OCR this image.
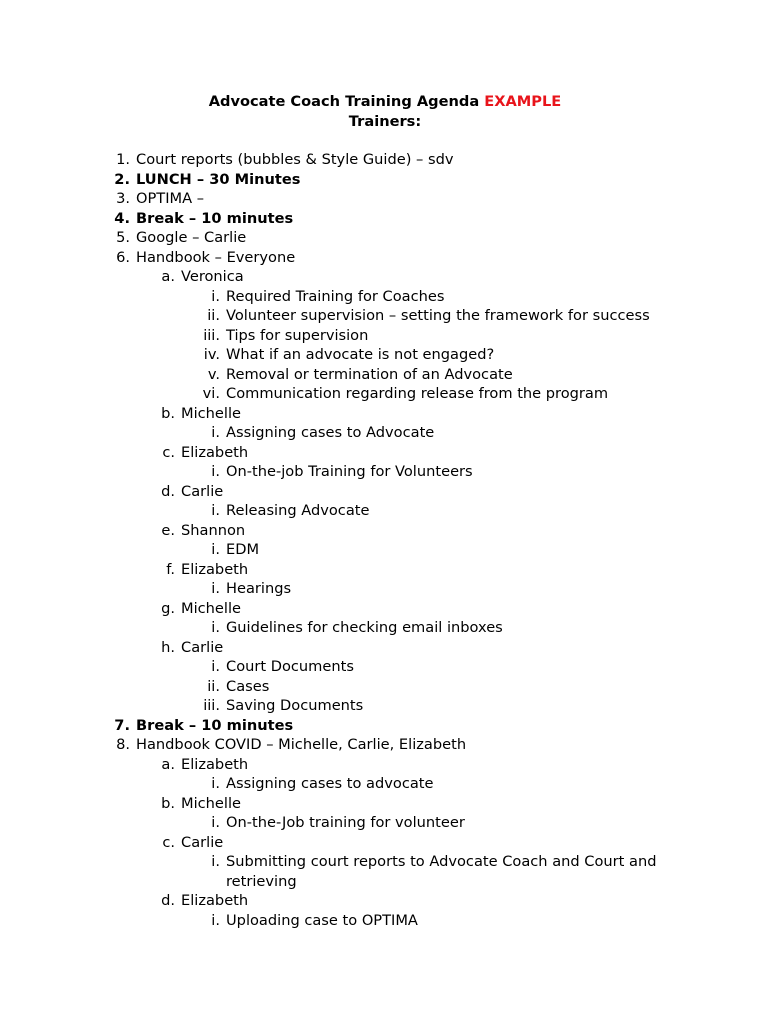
Advocate Coach Training Agenda EXAMPLE
Trainers:
1. Court reports (bubbles & Style Guide) – sdv
2. LUNCH – 30 Minutes
3. OPTIMA –
4. Break – 10 minutes
5. Google – Carlie
6. Handbook – Everyone
a. Veronica
i. Required Training for Coaches
ii. Volunteer supervision – setting the framework for success
iii. Tips for supervision
iv. What if an advocate is not engaged?
v. Removal or termination of an Advocate
vi. Communication regarding release from the program
b. Michelle
i. Assigning cases to Advocate
c. Elizabeth
i. On-the-job Training for Volunteers
d. Carlie
i. Releasing Advocate
e. Shannon
i. EDM
f. Elizabeth
i. Hearings
g. Michelle
i. Guidelines for checking email inboxes
h. Carlie
i. Court Documents
ii. Cases
iii. Saving Documents
7. Break – 10 minutes
8. Handbook COVID – Michelle, Carlie, Elizabeth
a. Elizabeth
i. Assigning cases to advocate
b. Michelle
i. On-the-Job training for volunteer
c. Carlie
i. Submitting court reports to Advocate Coach and Court and
retrieving
d. Elizabeth
i. Uploading case to OPTIMA
